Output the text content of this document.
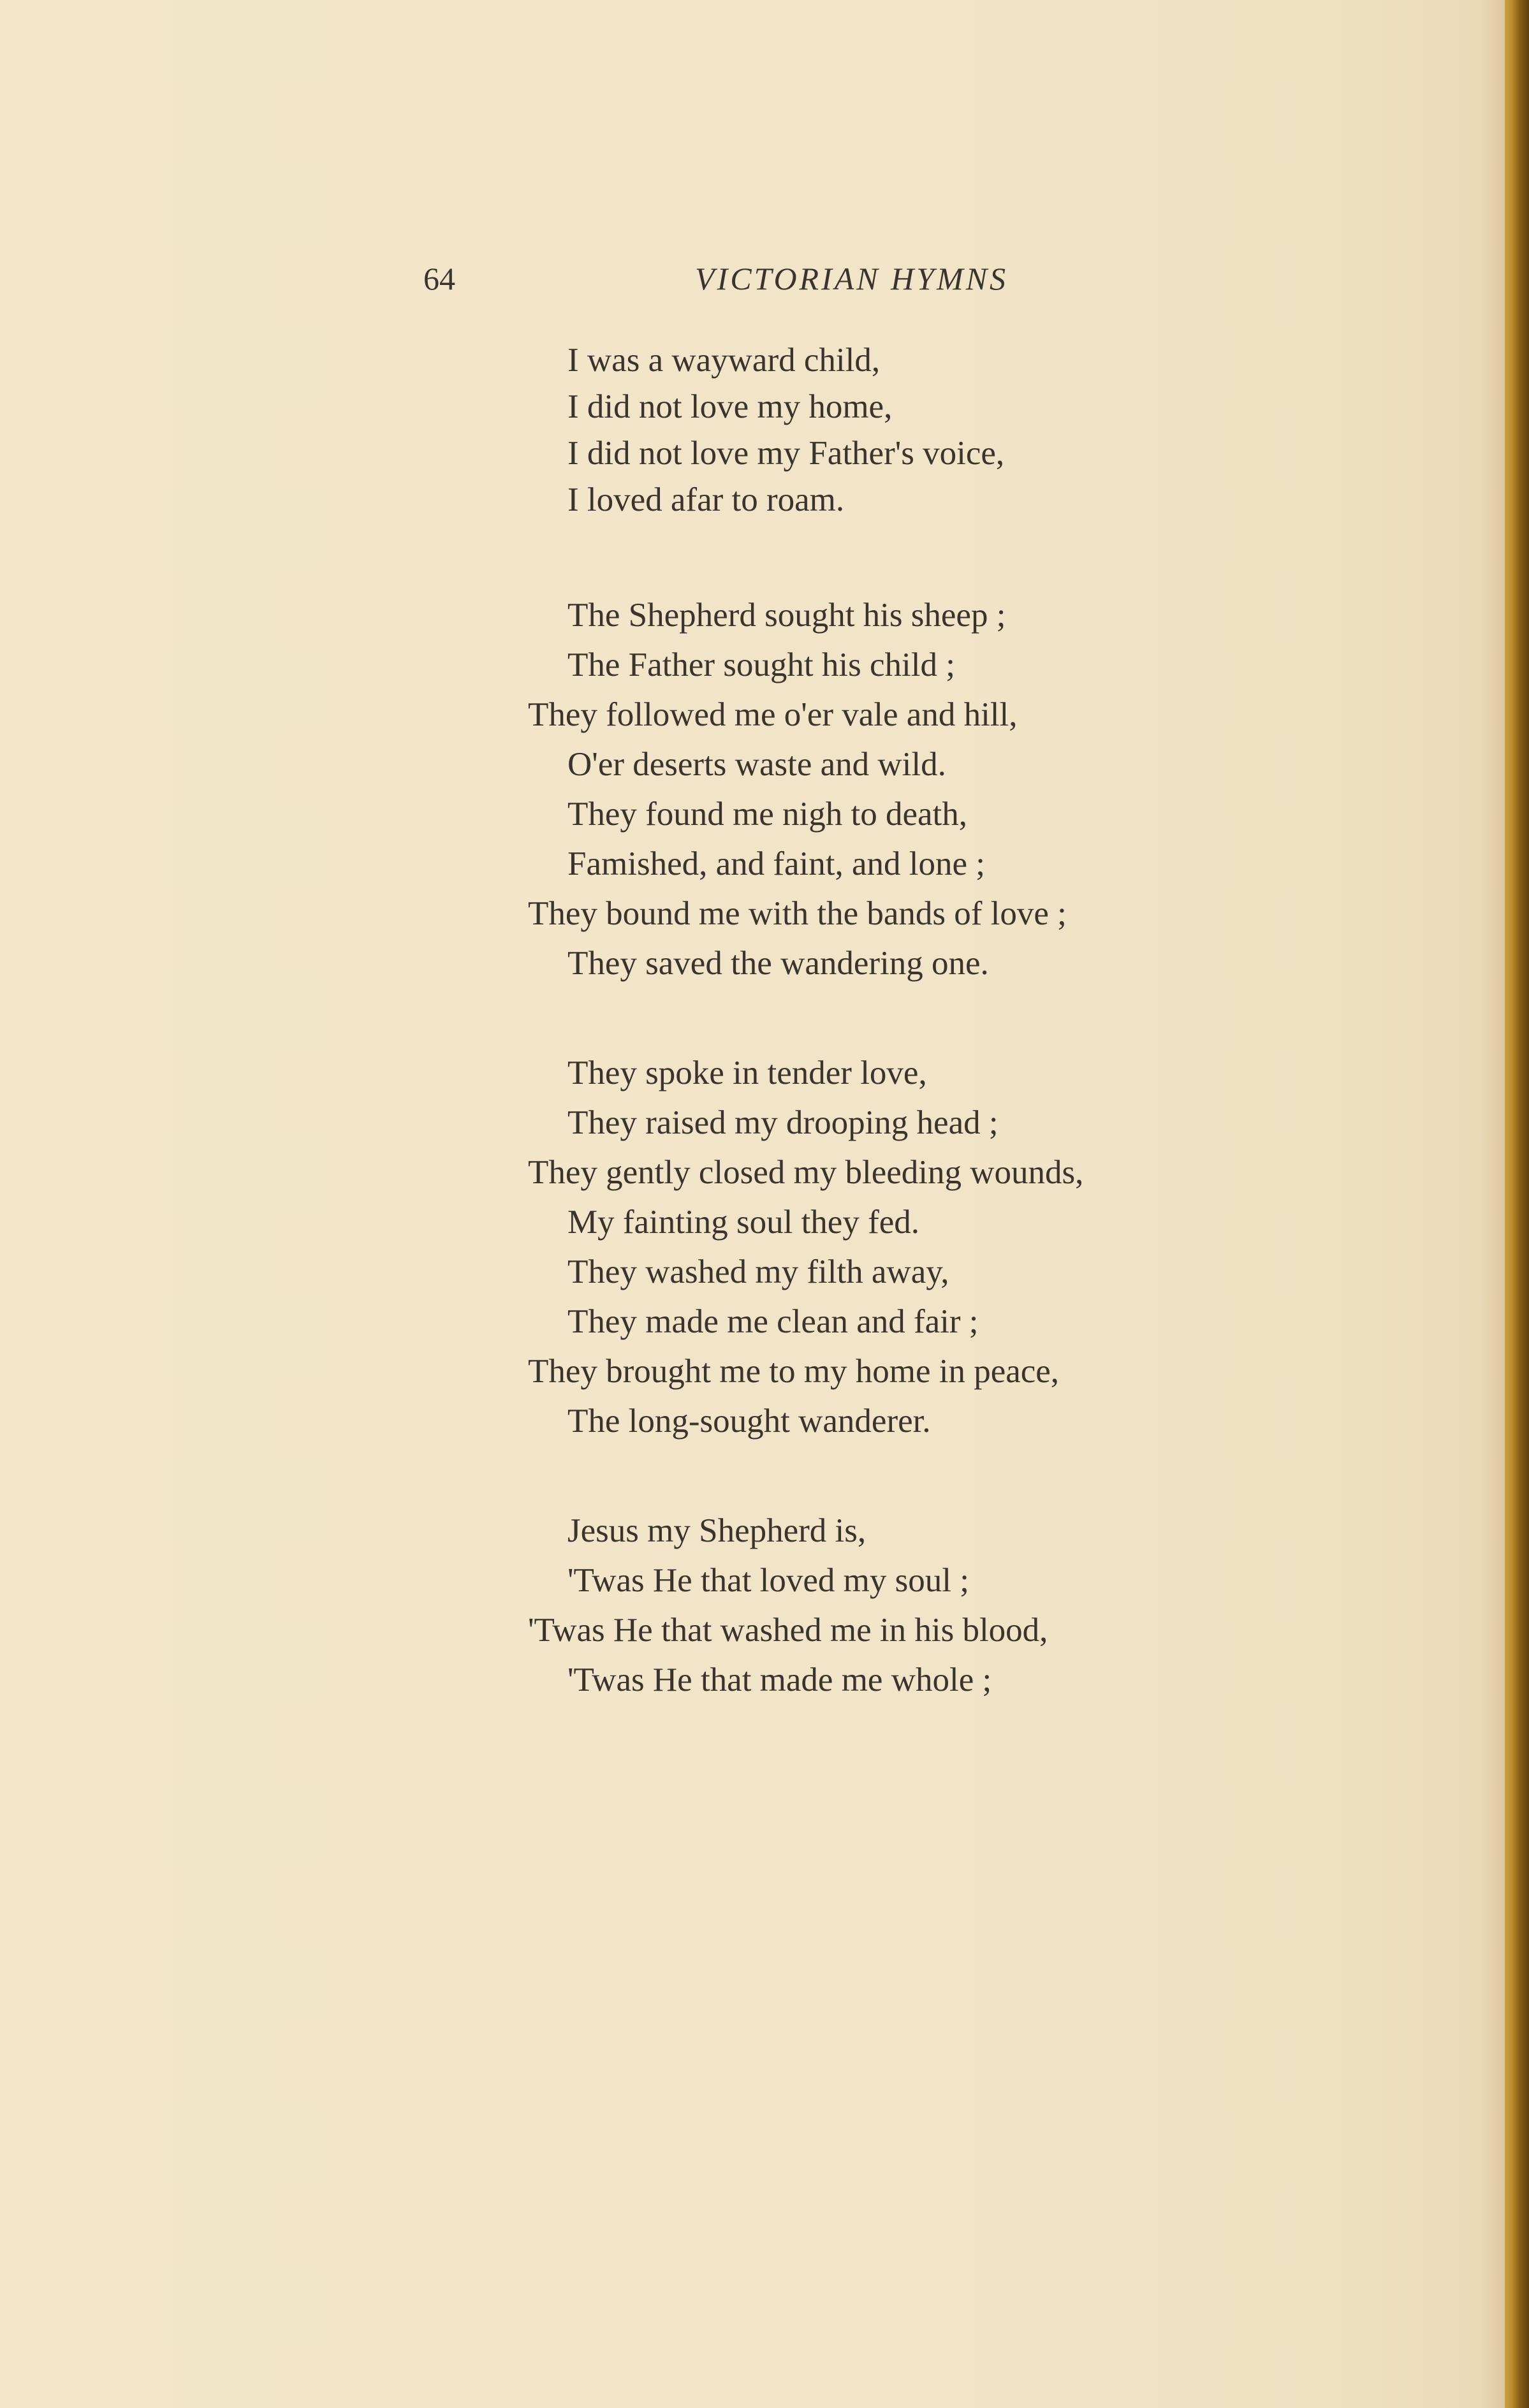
64	VICTORIAN HYMNS

I was a wayward child,

I did not love my home,

I did not love my Father's voice,

I loved afar to roam.

The Shepherd sought his sheep ;

The Father sought his child ;

They followed me o'er vale and hill,

O'er deserts waste and wild.

They found me nigh to death,

Famished, and faint, and lone ;

They bound me with the bands of love ;

They saved the wandering one.

They spoke in tender love,

They raised my drooping head ;

They gently closed my bleeding wounds,

My fainting soul they fed.

They washed my filth away,

They made me clean and fair ;

They brought me to my home in peace,

The long-sought wanderer.

Jesus my Shepherd is,

'Twas He that loved my soul ;

'Twas He that washed me in his blood,

'Twas He that made me whole ;
